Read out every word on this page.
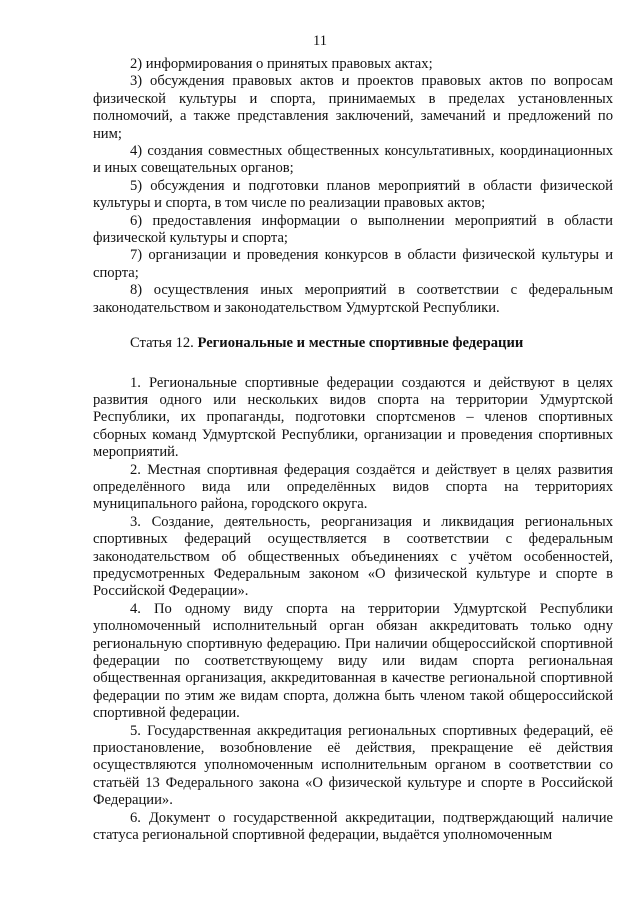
11

2) информирования о принятых правовых актах;

3) обсуждения правовых актов и проектов правовых актов по вопросам физической культуры и спорта, принимаемых в пределах установленных полномочий, а также представления заключений, замечаний и предложений по ним;

4) создания совместных общественных консультативных, координационных и иных совещательных органов;

5) обсуждения и подготовки планов мероприятий в области физической культуры и спорта, в том числе по реализации правовых актов;

6) предоставления информации о выполнении мероприятий в области физической культуры и спорта;

7) организации и проведения конкурсов в области физической культуры и спорта;

8) осуществления иных мероприятий в соответствии с федеральным законодательством и законодательством Удмуртской Республики.

Статья 12. Региональные и местные спортивные федерации

1. Региональные спортивные федерации создаются и действуют в целях развития одного или нескольких видов спорта на территории Удмуртской Республики, их пропаганды, подготовки спортсменов – членов спортивных сборных команд Удмуртской Республики, организации и проведения спортивных мероприятий.

2. Местная спортивная федерация создаётся и действует в целях развития определённого вида или определённых видов спорта на территориях муниципального района, городского округа.

3. Создание, деятельность, реорганизация и ликвидация региональных спортивных федераций осуществляется в соответствии с федеральным законодательством об общественных объединениях с учётом особенностей, предусмотренных Федеральным законом «О физической культуре и спорте в Российской Федерации».

4. По одному виду спорта на территории Удмуртской Республики уполномоченный исполнительный орган обязан аккредитовать только одну региональную спортивную федерацию. При наличии общероссийской спортивной федерации по соответствующему виду или видам спорта региональная общественная организация, аккредитованная в качестве региональной спортивной федерации по этим же видам спорта, должна быть членом такой общероссийской спортивной федерации.

5. Государственная аккредитация региональных спортивных федераций, её приостановление, возобновление её действия, прекращение её действия осуществляются уполномоченным исполнительным органом в соответствии со статьёй 13 Федерального закона «О физической культуре и спорте в Российской Федерации».

6. Документ о государственной аккредитации, подтверждающий наличие статуса региональной спортивной федерации, выдаётся уполномоченным
